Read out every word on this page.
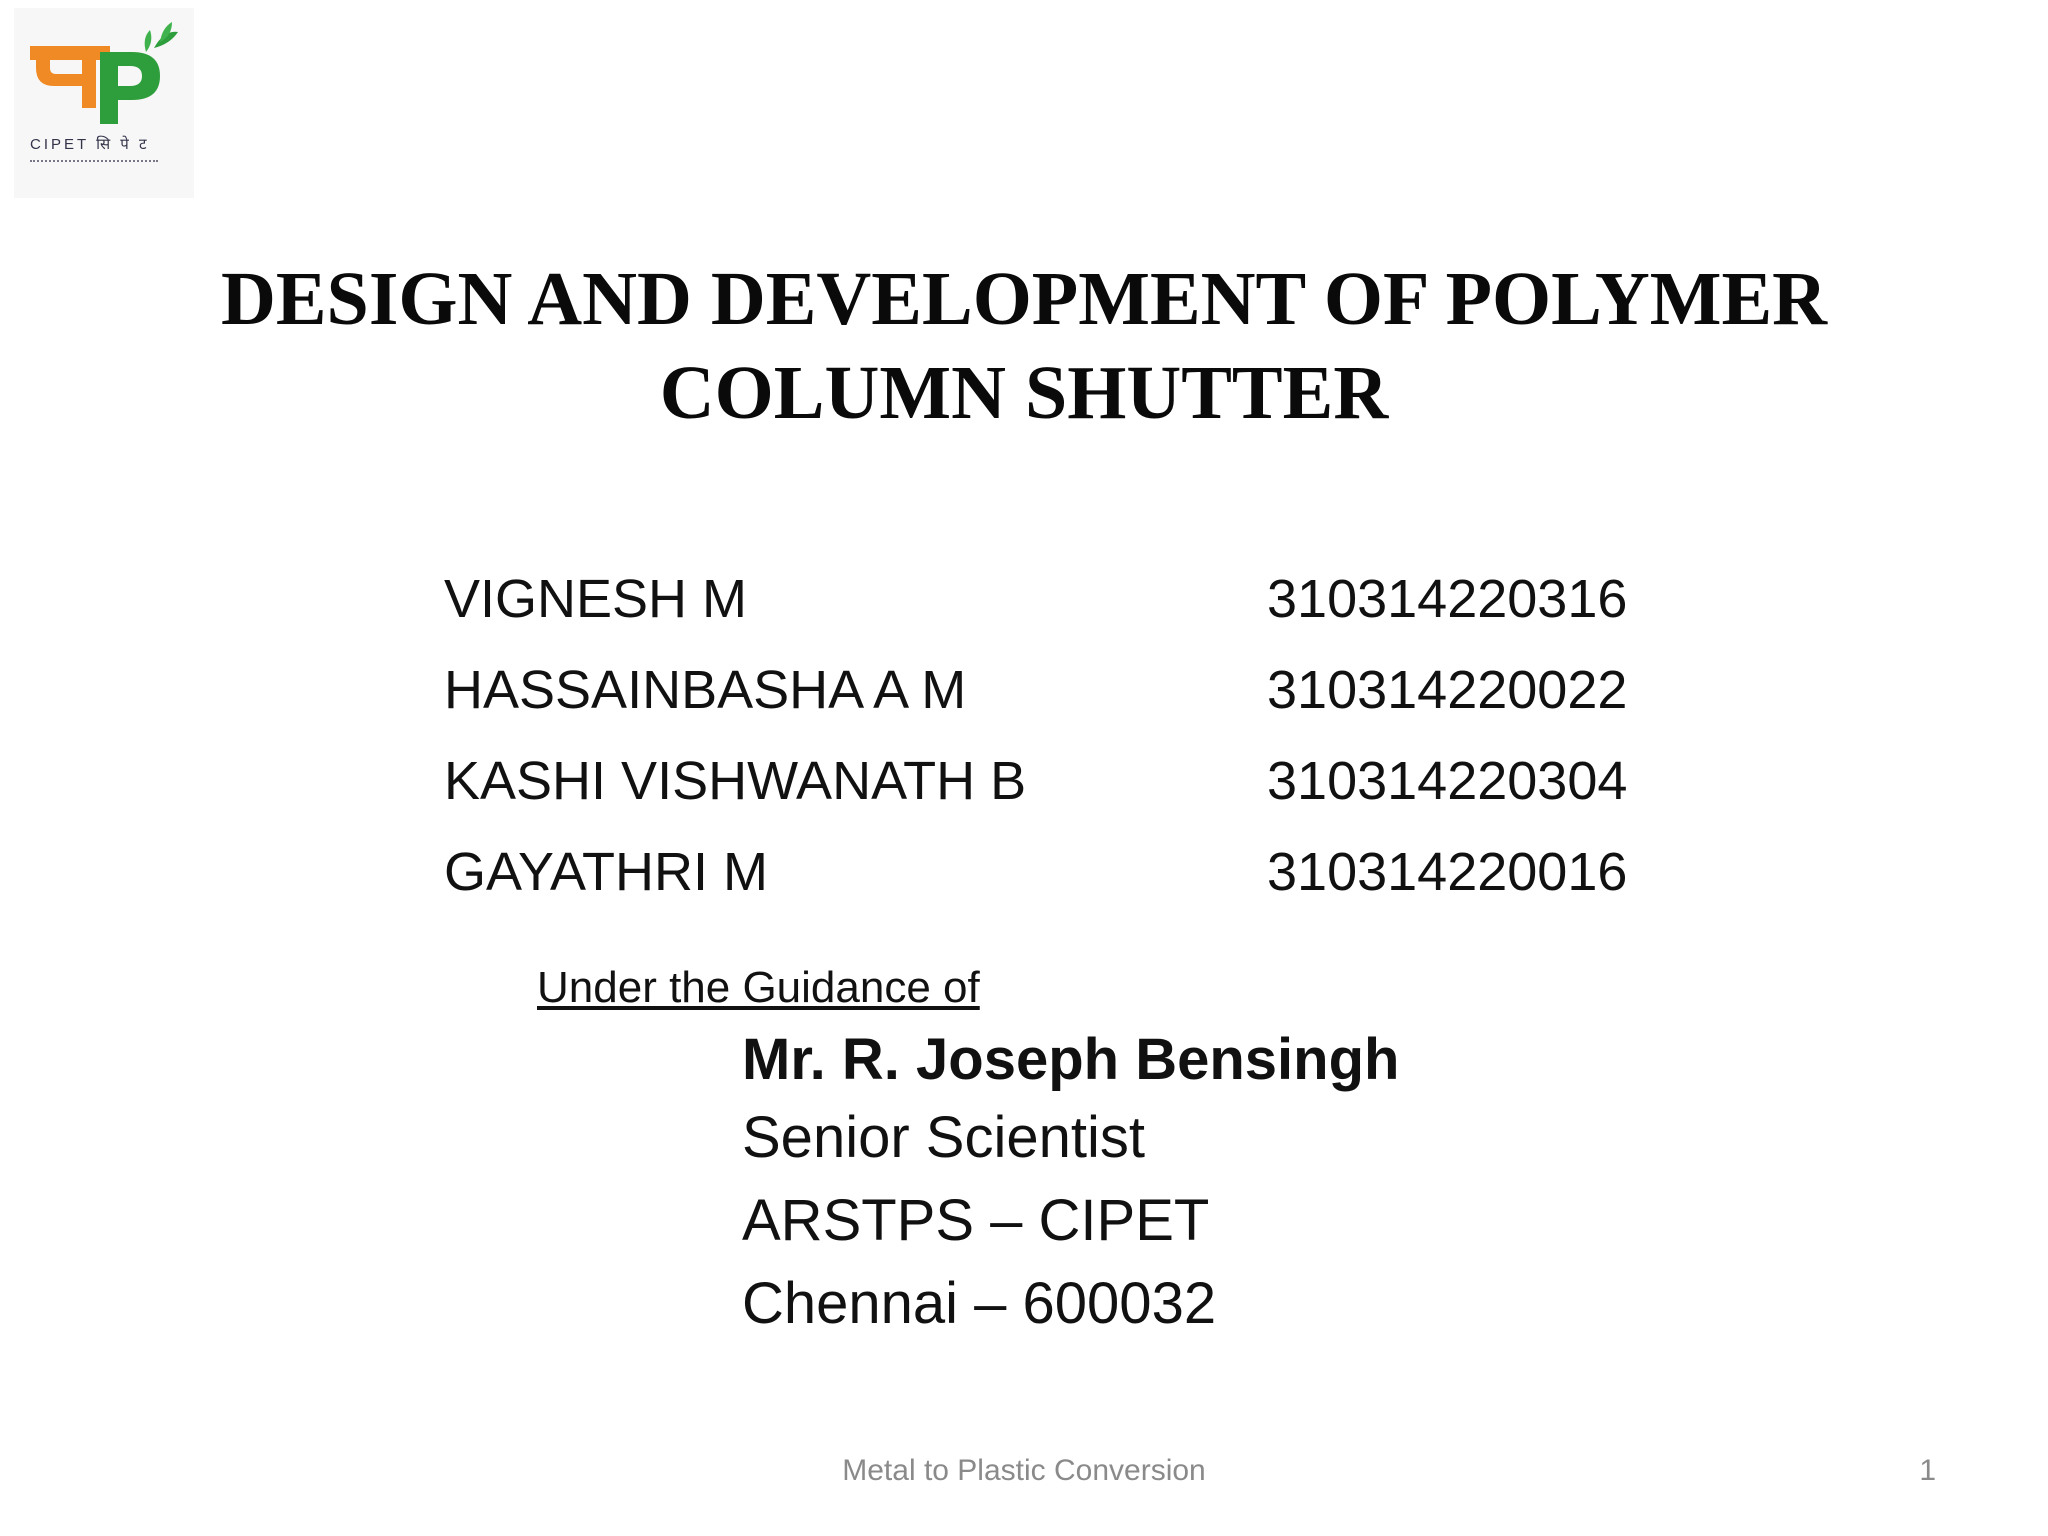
CIPET सि पे ट
DESIGN AND DEVELOPMENT OF POLYMER
COLUMN SHUTTER
VIGNESH M	310314220316
HASSAINBASHA A M	310314220022
KASHI VISHWANATH B	310314220304
GAYATHRI M	310314220016
Under the Guidance of
Mr. R. Joseph Bensingh
Senior Scientist
ARSTPS – CIPET
Chennai – 600032
Metal to Plastic Conversion	1
